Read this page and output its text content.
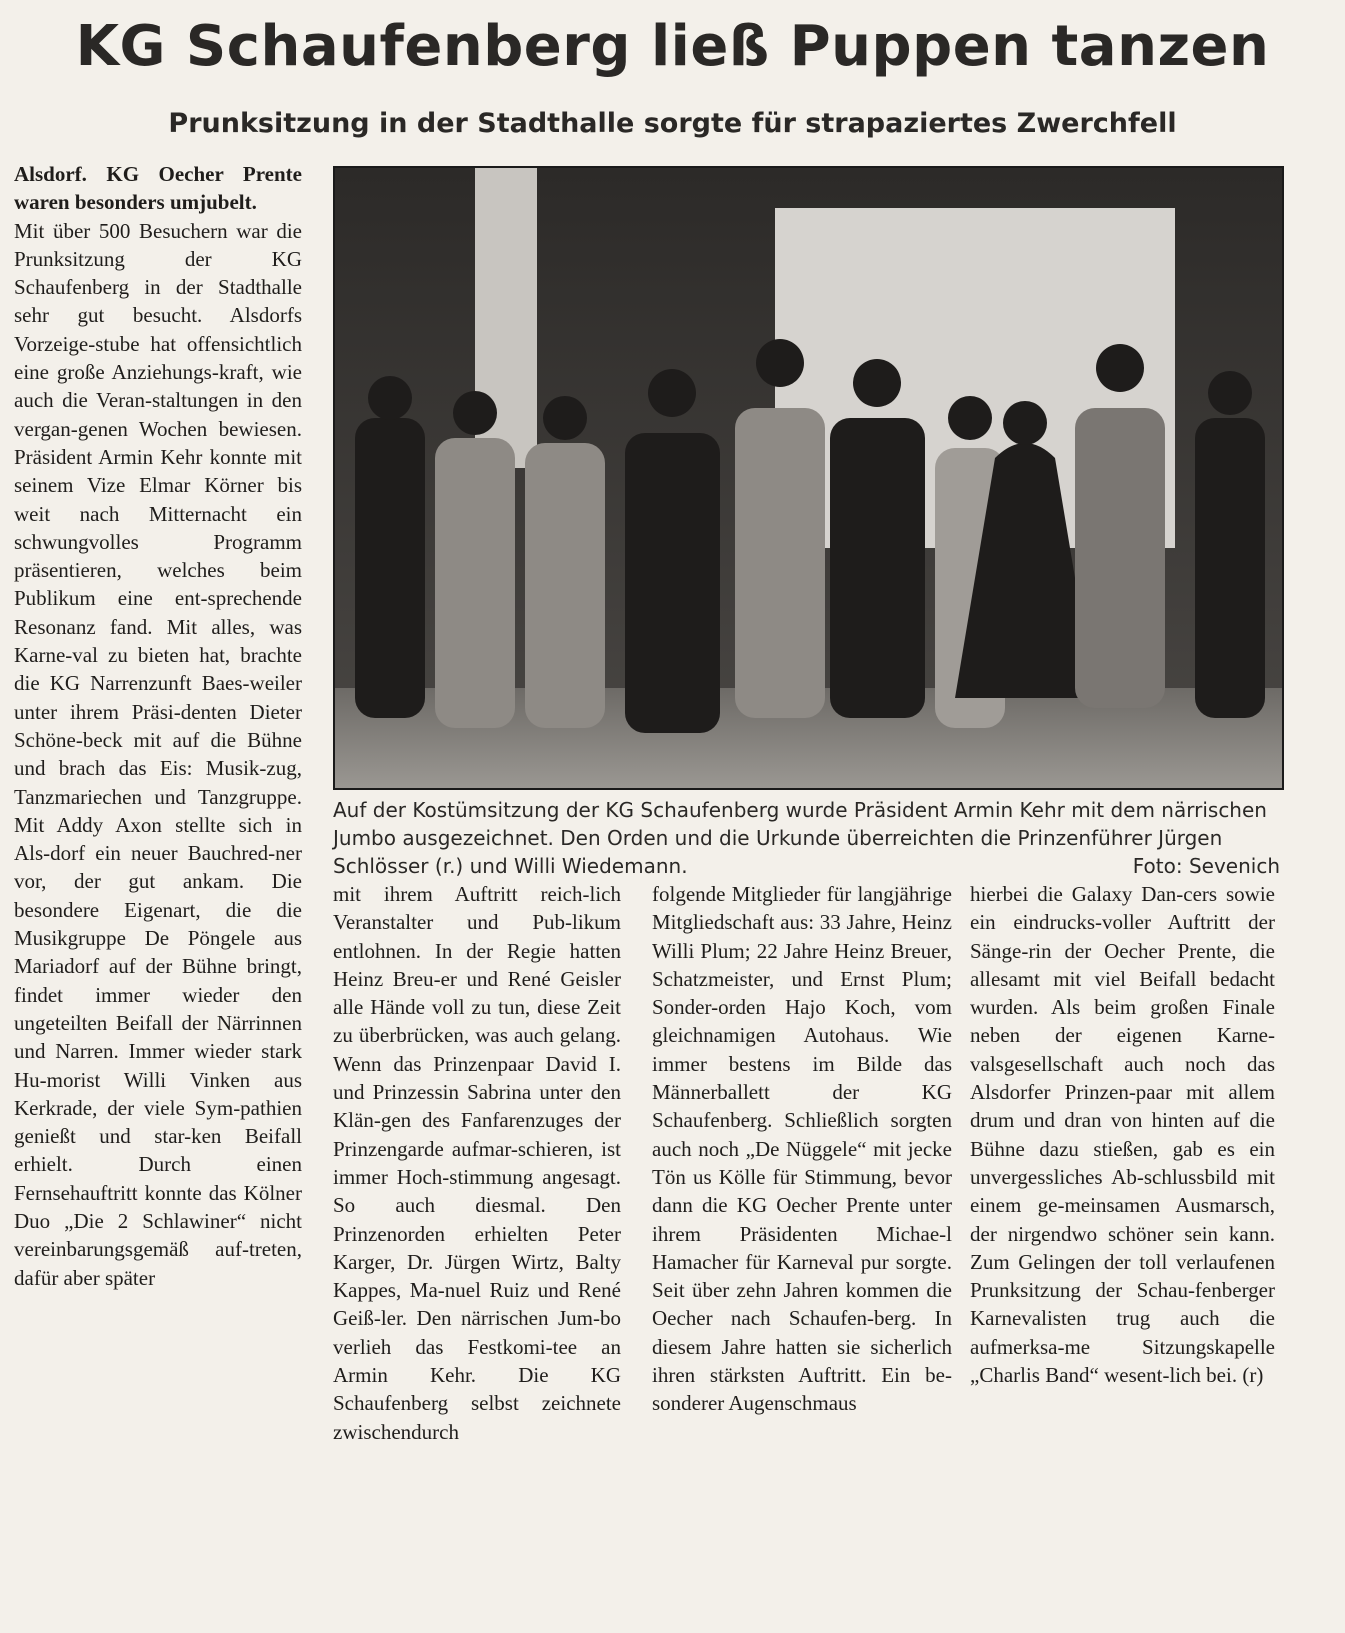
KG Schaufenberg ließ Puppen tanzen
Prunksitzung in der Stadthalle sorgte für strapaziertes Zwerchfell

Alsdorf. KG Oecher Prente waren besonders umjubelt.

Mit über 500 Besuchern war die Prunksitzung der KG Schaufenberg in der Stadthalle sehr gut besucht. Alsdorfs Vorzeige-stube hat offensichtlich eine große Anziehungs-kraft, wie auch die Veran-staltungen in den vergan-genen Wochen bewiesen. Präsident Armin Kehr konnte mit seinem Vize Elmar Körner bis weit nach Mitternacht ein schwungvolles Programm präsentieren, welches beim Publikum eine ent-sprechende Resonanz fand. Mit alles, was Karne-val zu bieten hat, brachte die KG Narrenzunft Baes-weiler unter ihrem Präsi-denten Dieter Schöne-beck mit auf die Bühne und brach das Eis: Musik-zug, Tanzmariechen und Tanzgruppe. Mit Addy Axon stellte sich in Als-dorf ein neuer Bauchred-ner vor, der gut ankam. Die besondere Eigenart, die die Musikgruppe De Pöngele aus Mariadorf auf der Bühne bringt, findet immer wieder den ungeteilten Beifall der Närrinnen und Narren. Immer wieder stark Hu-morist Willi Vinken aus Kerkrade, der viele Sym-pathien genießt und star-ken Beifall erhielt. Durch einen Fernsehauftritt konnte das Kölner Duo „Die 2 Schlawiner“ nicht vereinbarungsgemäß auf-treten, dafür aber später

Auf der Kostümsitzung der KG Schaufenberg wurde Präsident Armin Kehr mit dem närrischen Jumbo ausgezeichnet. Den Orden und die Urkunde überreichten die Prinzenführer Jürgen Schlösser (r.) und Willi Wiedemann.	Foto: Sevenich

mit ihrem Auftritt reich-lich Veranstalter und Pub-likum entlohnen. In der Regie hatten Heinz Breu-er und René Geisler alle Hände voll zu tun, diese Zeit zu überbrücken, was auch gelang. Wenn das Prinzenpaar David I. und Prinzessin Sabrina unter den Klän-gen des Fanfarenzuges der Prinzengarde aufmar-schieren, ist immer Hoch-stimmung angesagt. So auch diesmal. Den Prinzenorden erhielten Peter Karger, Dr. Jürgen Wirtz, Balty Kappes, Ma-nuel Ruiz und René Geiß-ler. Den närrischen Jum-bo verlieh das Festkomi-tee an Armin Kehr. Die KG Schaufenberg selbst zeichnete zwischendurch

folgende Mitglieder für langjährige Mitgliedschaft aus: 33 Jahre, Heinz Willi Plum; 22 Jahre Heinz Breuer, Schatzmeister, und Ernst Plum; Sonder-orden Hajo Koch, vom gleichnamigen Autohaus. Wie immer bestens im Bilde das Männerballett der KG Schaufenberg. Schließlich sorgten auch noch „De Nüggele“ mit jecke Tön us Kölle für Stimmung, bevor dann die KG Oecher Prente unter ihrem Präsidenten Michae-l Hamacher für Karneval pur sorgte. Seit über zehn Jahren kommen die Oecher nach Schaufen-berg. In diesem Jahre hatten sie sicherlich ihren stärksten Auftritt. Ein be-sonderer Augenschmaus

hierbei die Galaxy Dan-cers sowie ein eindrucks-voller Auftritt der Sänge-rin der Oecher Prente, die allesamt mit viel Beifall bedacht wurden. Als beim großen Finale neben der eigenen Karne-valsgesellschaft auch noch das Alsdorfer Prinzen-paar mit allem drum und dran von hinten auf die Bühne dazu stießen, gab es ein unvergessliches Ab-schlussbild mit einem ge-meinsamen Ausmarsch, der nirgendwo schöner sein kann. Zum Gelingen der toll verlaufenen Prunksitzung der Schau-fenberger Karnevalisten trug auch die aufmerksa-me Sitzungskapelle „Charlis Band“ wesent-lich bei. (r)
